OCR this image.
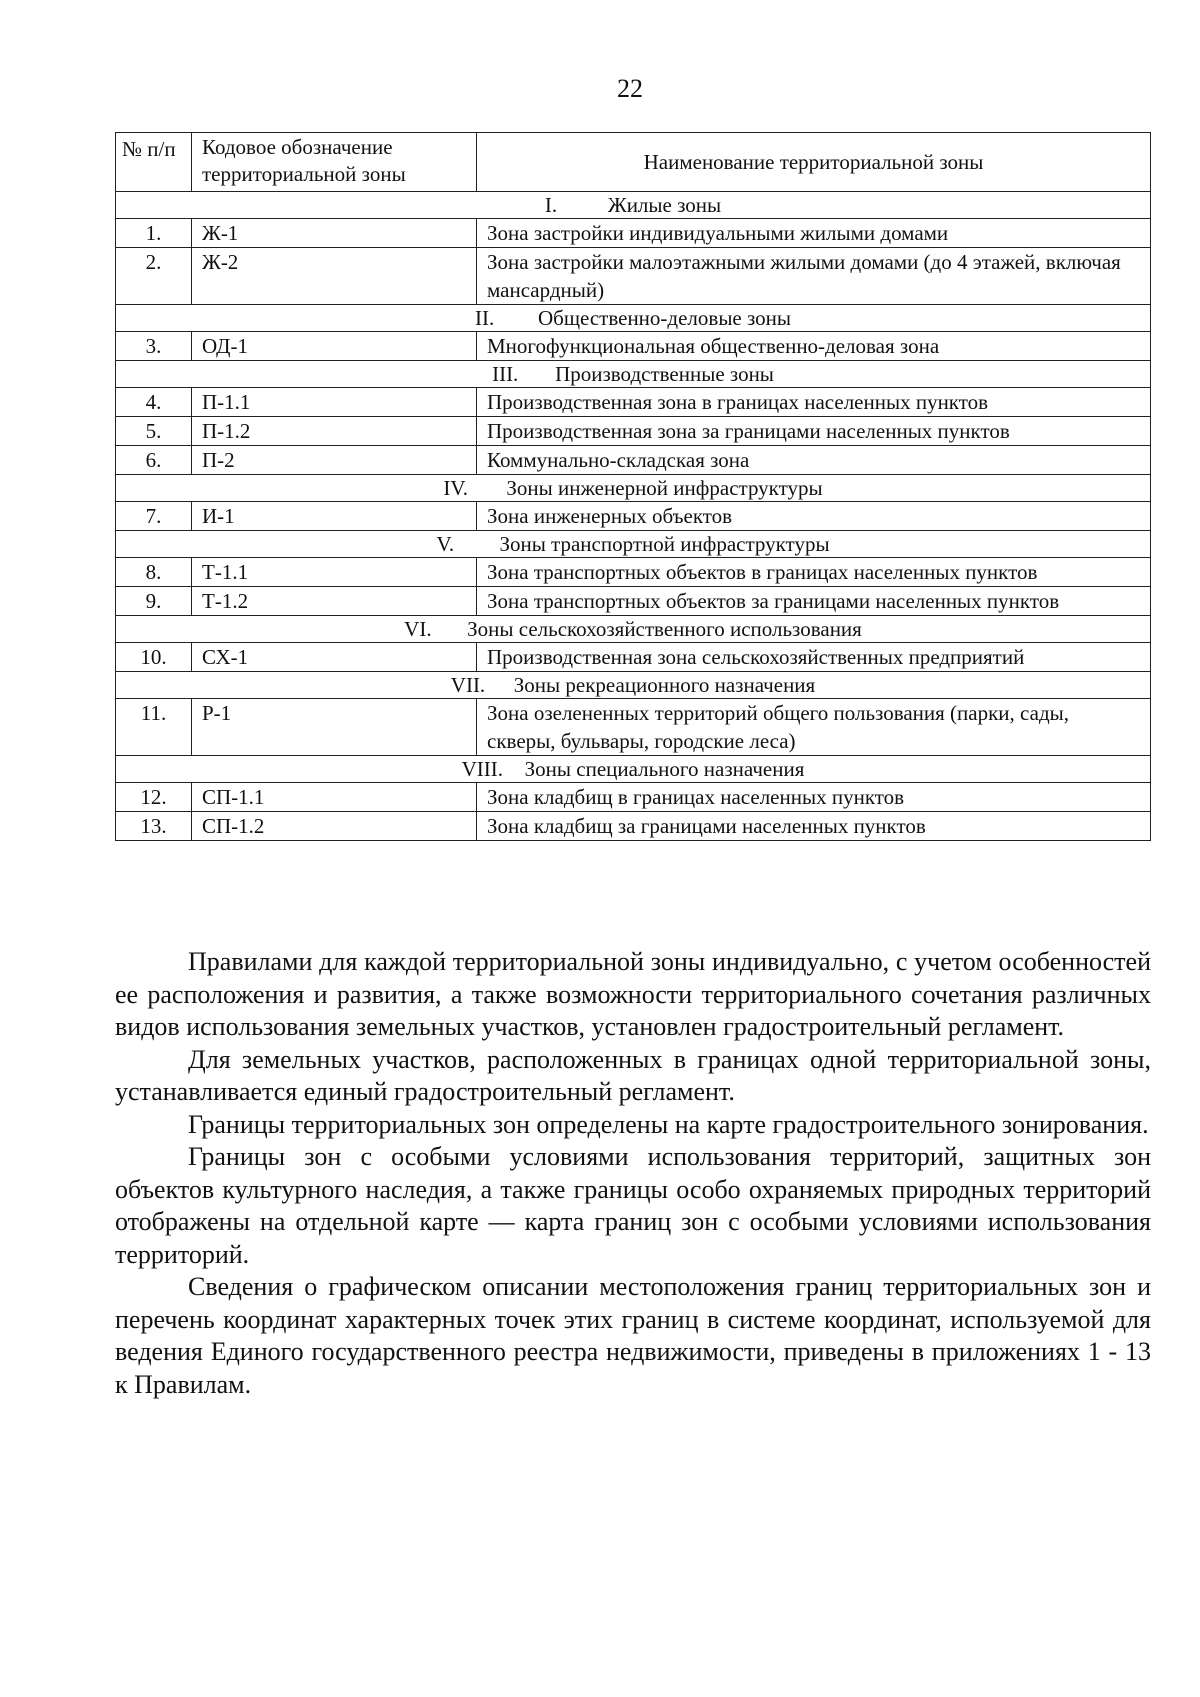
22
№ п/п	Кодовое обозначение территориальной зоны	Наименование территориальной зоны
I. Жилые зоны		
1.	Ж-1	Зона застройки индивидуальными жилыми домами
2.	Ж-2	Зона застройки малоэтажными жилыми домами (до 4 этажей, включая мансардный)
II. Общественно-деловые зоны		
3.	ОД-1	Многофункциональная общественно-деловая зона
III. Производственные зоны		
4.	П-1.1	Производственная зона в границах населенных пунктов
5.	П-1.2	Производственная зона за границами населенных пунктов
6.	П-2	Коммунально-складская зона
IV. Зоны инженерной инфраструктуры		
7.	И-1	Зона инженерных объектов
V. Зоны транспортной инфраструктуры		
8.	Т-1.1	Зона транспортных объектов в границах населенных пунктов
9.	Т-1.2	Зона транспортных объектов за границами населенных пунктов
VI. Зоны сельскохозяйственного использования		
10.	СХ-1	Производственная зона сельскохозяйственных предприятий
VII. Зоны рекреационного назначения		
11.	Р-1	Зона озелененных территорий общего пользования (парки, сады, скверы, бульвары, городские леса)
VIII. Зоны специального назначения		
12.	СП-1.1	Зона кладбищ в границах населенных пунктов
13.	СП-1.2	Зона кладбищ за границами населенных пунктов

Правилами для каждой территориальной зоны индивидуально, с учетом особенностей ее расположения и развития, а также возможности территориального сочетания различных видов использования земельных участков, установлен градостроительный регламент.

Для земельных участков, расположенных в границах одной территориальной зоны, устанавливается единый градостроительный регламент.

Границы территориальных зон определены на карте градостроительного зонирования.

Границы зон с особыми условиями использования территорий, защитных зон объектов культурного наследия, а также границы особо охраняемых природных территорий отображены на отдельной карте — карта границ зон с особыми условиями использования территорий.

Сведения о графическом описании местоположения границ территориальных зон и перечень координат характерных точек этих границ в системе координат, используемой для ведения Единого государственного реестра недвижимости, приведены в приложениях 1 - 13 к Правилам.
